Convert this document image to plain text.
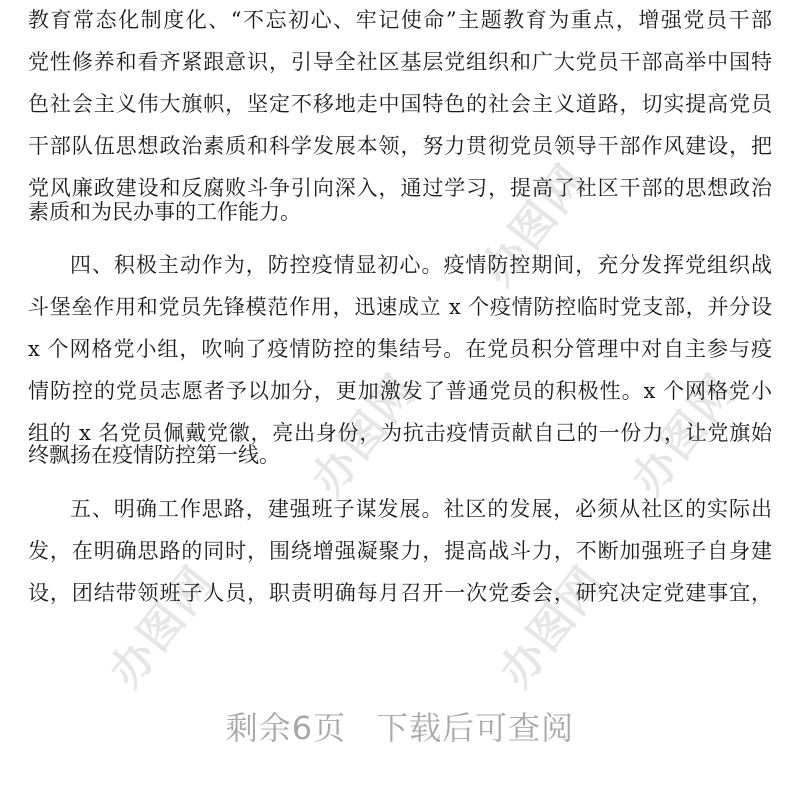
办图网
办图网	办图网
办图网	办图网
教育常态化制度化、“不忘初心、牢记使命”主题教育为重点，增强党员干部
党性修养和看齐紧跟意识，引导全社区基层党组织和广大党员干部高举中国特
色社会主义伟大旗帜，坚定不移地走中国特色的社会主义道路，切实提高党员
干部队伍思想政治素质和科学发展本领，努力贯彻党员领导干部作风建设，把
党风廉政建设和反腐败斗争引向深入，通过学习，提高了社区干部的思想政治
素质和为民办事的工作能力。
四、积极主动作为，防控疫情显初心。疫情防控期间，充分发挥党组织战
斗堡垒作用和党员先锋模范作用，迅速成立 x 个疫情防控临时党支部，并分设
x 个网格党小组，吹响了疫情防控的集结号。在党员积分管理中对自主参与疫
情防控的党员志愿者予以加分，更加激发了普通党员的积极性。x 个网格党小
组的 x 名党员佩戴党徽，亮出身份，为抗击疫情贡献自己的一份力，让党旗始
终飘扬在疫情防控第一线。
五、明确工作思路，建强班子谋发展。社区的发展，必须从社区的实际出
发，在明确思路的同时，围绕增强凝聚力，提高战斗力，不断加强班子自身建
设，团结带领班子人员，职责明确每月召开一次党委会，研究决定党建事宜，
剩余6页 下载后可查阅
